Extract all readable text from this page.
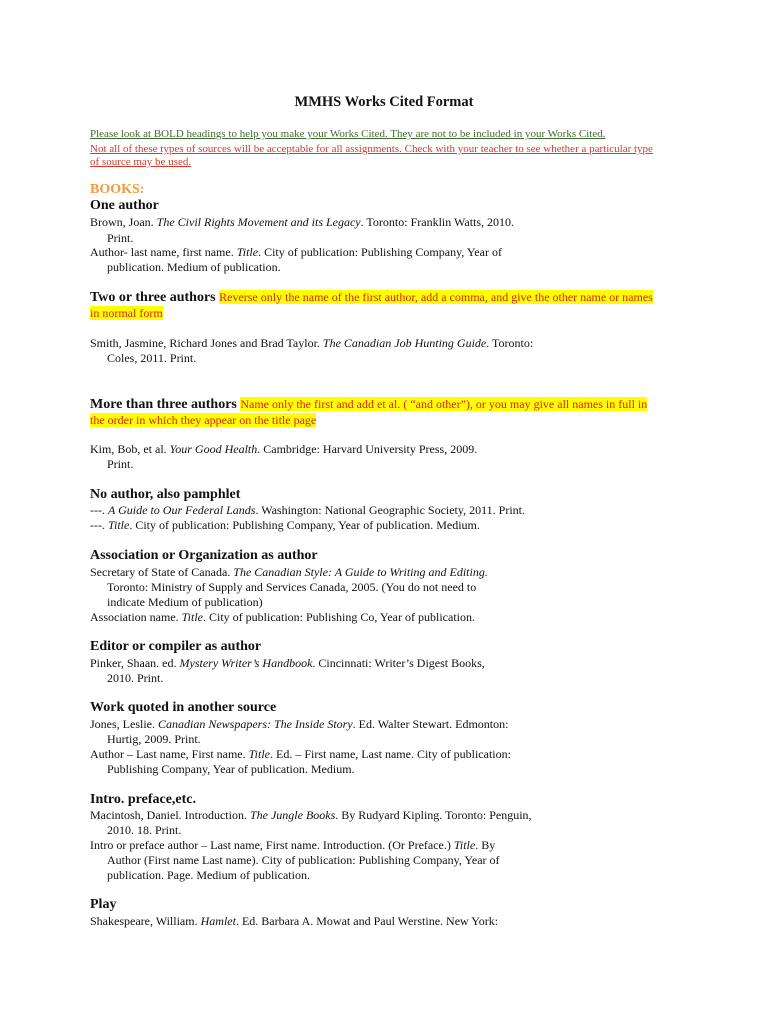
MMHS Works Cited Format
Please look at BOLD headings to help you make your Works Cited. They are not to be included in your Works Cited.
Not all of these types of sources will be acceptable for all assignments. Check with your teacher to see whether a particular type
of source may be used.
BOOKS:
One author
Brown, Joan. The Civil Rights Movement and its Legacy. Toronto: Franklin Watts, 2010.
Print.
Author- last name, first name. Title. City of publication: Publishing Company, Year of
publication. Medium of publication.
Two or three authors Reverse only the name of the first author, add a comma, and give the other name or names
in normal form
Smith, Jasmine, Richard Jones and Brad Taylor. The Canadian Job Hunting Guide. Toronto:
Coles, 2011. Print.
More than three authors Name only the first and add et al. ( “and other”), or you may give all names in full in
the order in which they appear on the title page
Kim, Bob, et al. Your Good Health. Cambridge: Harvard University Press, 2009.
Print.
No author, also pamphlet
---. A Guide to Our Federal Lands. Washington: National Geographic Society, 2011. Print.
---. Title. City of publication: Publishing Company, Year of publication. Medium.
Association or Organization as author
Secretary of State of Canada. The Canadian Style: A Guide to Writing and Editing.
Toronto: Ministry of Supply and Services Canada, 2005. (You do not need to
indicate Medium of publication)
Association name. Title. City of publication: Publishing Co, Year of publication.
Editor or compiler as author
Pinker, Shaan. ed. Mystery Writer’s Handbook. Cincinnati: Writer’s Digest Books,
2010. Print.
Work quoted in another source
Jones, Leslie. Canadian Newspapers: The Inside Story. Ed. Walter Stewart. Edmonton:
Hurtig, 2009. Print.
Author – Last name, First name. Title. Ed. – First name, Last name. City of publication:
Publishing Company, Year of publication. Medium.
Intro. preface,etc.
Macintosh, Daniel. Introduction. The Jungle Books. By Rudyard Kipling. Toronto: Penguin,
2010. 18. Print.
Intro or preface author – Last name, First name. Introduction. (Or Preface.) Title. By
Author (First name Last name). City of publication: Publishing Company, Year of
publication. Page. Medium of publication.
Play
Shakespeare, William. Hamlet. Ed. Barbara A. Mowat and Paul Werstine. New York:
